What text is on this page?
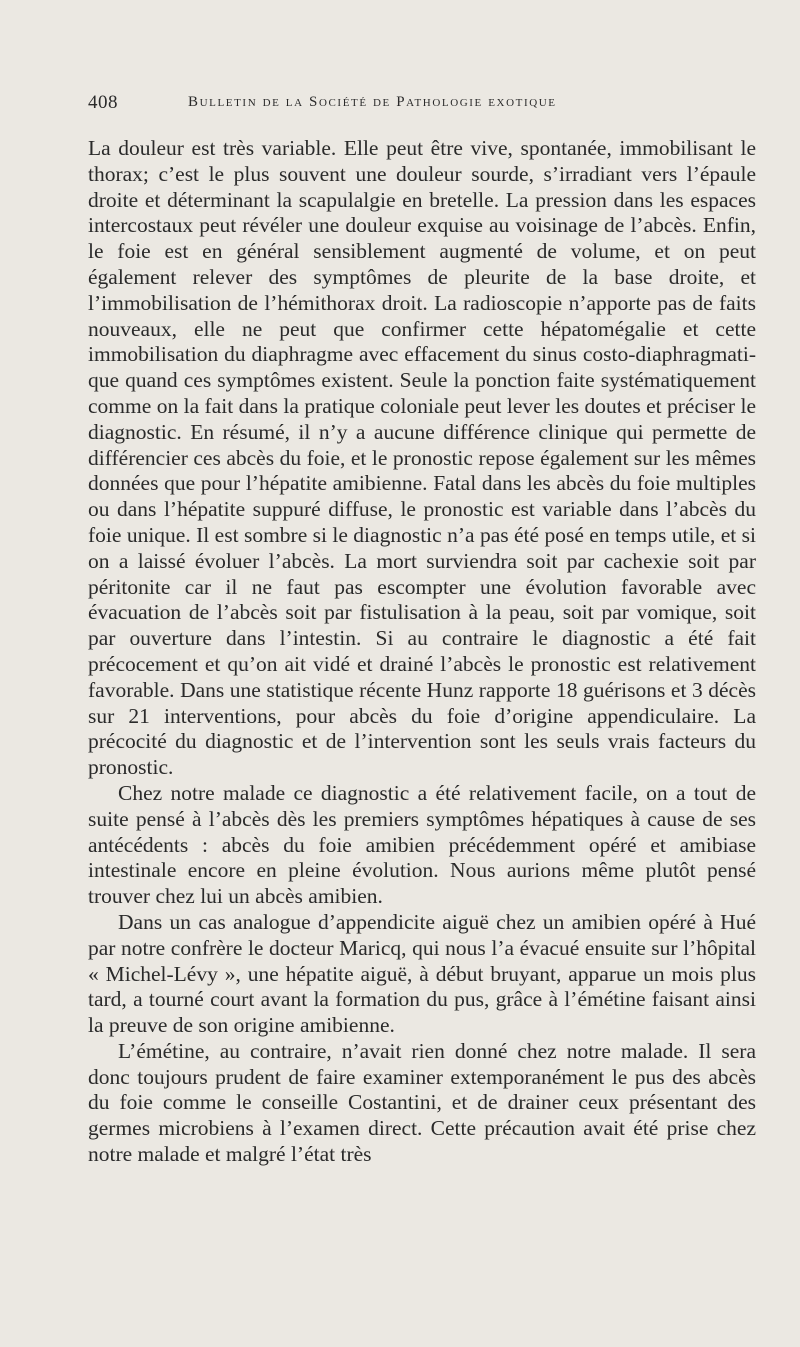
408	Bulletin de la Société de Pathologie exotique

La douleur est très variable. Elle peut être vive, spontanée, immobilisant le thorax; c’est le plus souvent une douleur sourde, s’irradiant vers l’épaule droite et déterminant la scapulalgie en bretelle. La pression dans les espaces intercostaux peut révéler une douleur exquise au voisinage de l’abcès. Enfin, le foie est en général sensiblement augmenté de volume, et on peut également relever des symptômes de pleurite de la base droite, et l’immobilisation de l’hémithorax droit. La radioscopie n’apporte pas de faits nouveaux, elle ne peut que confirmer cette hépatomégalie et cette immobilisation du diaphragme avec effacement du sinus costo-diaphragmatique quand ces symptômes existent. Seule la ponction faite systématiquement comme on la fait dans la pratique coloniale peut lever les doutes et préciser le diagnostic. En résumé, il n’y a aucune différence clinique qui permette de différencier ces abcès du foie, et le pronostic repose également sur les mêmes données que pour l’hépatite amibienne. Fatal dans les abcès du foie multiples ou dans l’hépatite suppuré diffuse, le pronostic est variable dans l’abcès du foie unique. Il est sombre si le diagnostic n’a pas été posé en temps utile, et si on a laissé évoluer l’abcès. La mort surviendra soit par cachexie soit par péritonite car il ne faut pas escompter une évolution favorable avec évacuation de l’abcès soit par fistulisation à la peau, soit par vomique, soit par ouverture dans l’intestin. Si au contraire le diagnostic a été fait précocement et qu’on ait vidé et drainé l’abcès le pronostic est relativement favorable. Dans une statistique récente Hunz rapporte 18 guérisons et 3 décès sur 21 interventions, pour abcès du foie d’origine appendiculaire. La précocité du diagnostic et de l’intervention sont les seuls vrais facteurs du pronostic.

Chez notre malade ce diagnostic a été relativement facile, on a tout de suite pensé à l’abcès dès les premiers symptômes hépatiques à cause de ses antécédents : abcès du foie amibien précédemment opéré et amibiase intestinale encore en pleine évolution. Nous aurions même plutôt pensé trouver chez lui un abcès amibien.

Dans un cas analogue d’appendicite aiguë chez un amibien opéré à Hué par notre confrère le docteur Maricq, qui nous l’a évacué ensuite sur l’hôpital « Michel-Lévy », une hépatite aiguë, à début bruyant, apparue un mois plus tard, a tourné court avant la formation du pus, grâce à l’émétine faisant ainsi la preuve de son origine amibienne.

L’émétine, au contraire, n’avait rien donné chez notre malade. Il sera donc toujours prudent de faire examiner extemporanément le pus des abcès du foie comme le conseille Costantini, et de drainer ceux présentant des germes microbiens à l’examen direct. Cette précaution avait été prise chez notre malade et malgré l’état très
